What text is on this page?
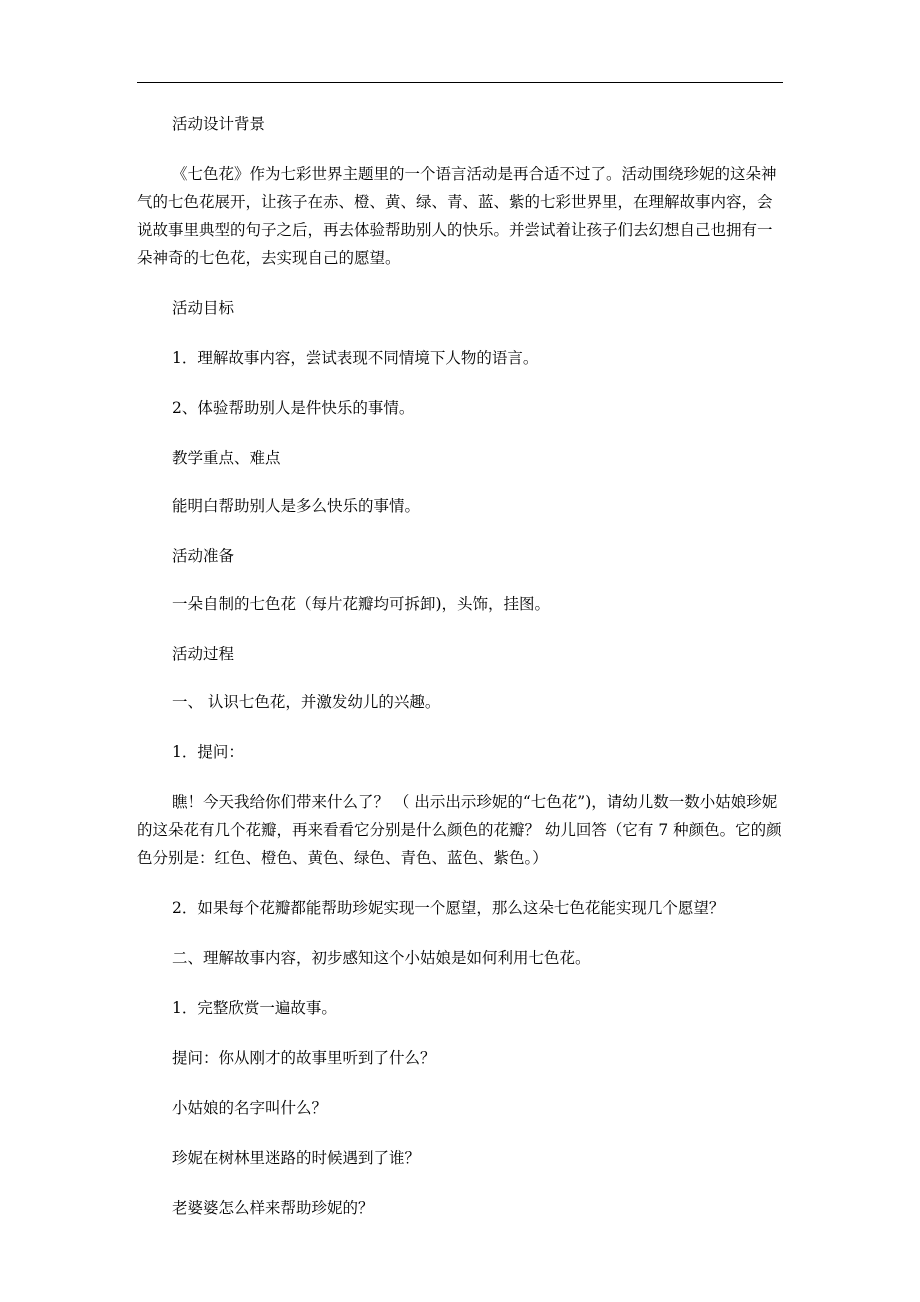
活动设计背景

《七色花》作为七彩世界主题里的一个语言活动是再合适不过了。活动围绕珍妮的这朵神气的七色花展开，让孩子在赤、橙、黄、绿、青、蓝、紫的七彩世界里，在理解故事内容，会说故事里典型的句子之后，再去体验帮助别人的快乐。并尝试着让孩子们去幻想自己也拥有一朵神奇的七色花，去实现自己的愿望。

活动目标

1．理解故事内容，尝试表现不同情境下人物的语言。

2、体验帮助别人是件快乐的事情。

教学重点、难点

能明白帮助别人是多么快乐的事情。

活动准备

一朵自制的七色花（每片花瓣均可拆卸)，头饰，挂图。

活动过程

一、 认识七色花，并激发幼儿的兴趣。

1．提问：

瞧！今天我给你们带来什么了？ （ 出示出示珍妮的“七色花”)，请幼儿数一数小姑娘珍妮的这朵花有几个花瓣，再来看看它分别是什么颜色的花瓣？ 幼儿回答（它有 7 种颜色。它的颜色分别是：红色、橙色、黄色、绿色、青色、蓝色、紫色。）

2．如果每个花瓣都能帮助珍妮实现一个愿望，那么这朵七色花能实现几个愿望？

二、理解故事内容，初步感知这个小姑娘是如何利用七色花。

1．完整欣赏一遍故事。

提问：你从刚才的故事里听到了什么？

小姑娘的名字叫什么？

珍妮在树林里迷路的时候遇到了谁？

老婆婆怎么样来帮助珍妮的？
